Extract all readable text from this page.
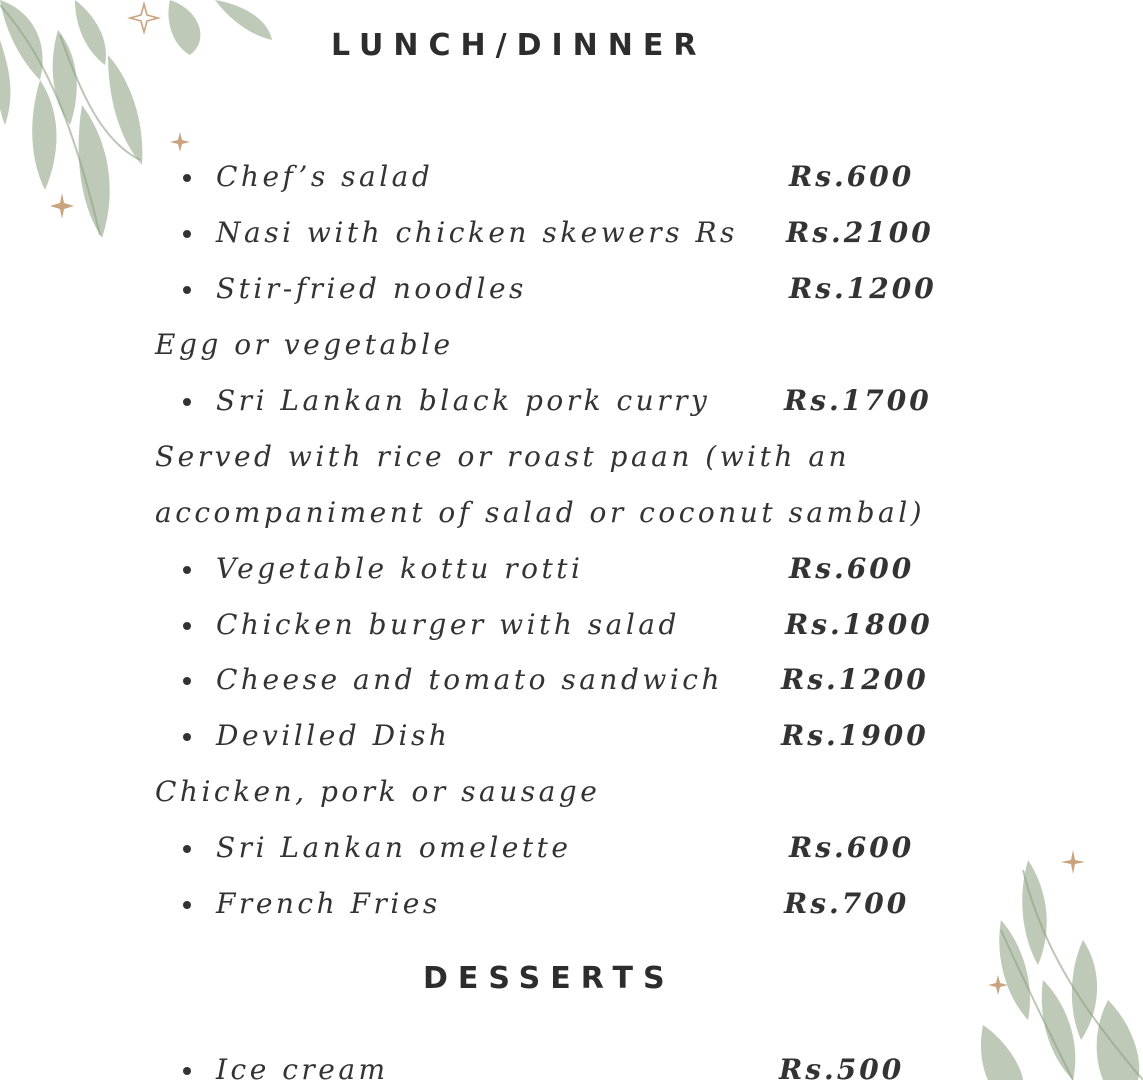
LUNCH/DINNER
Chef’s salad	Rs.600
Nasi with chicken skewers Rs Rs.2100
Stir-fried noodles	Rs.1200
Egg or vegetable
Sri Lankan black pork curry	Rs.1700
Served with rice or roast paan (with an
accompaniment of salad or coconut sambal)
Vegetable kottu rotti	Rs.600
Chicken burger with salad	Rs.1800
Cheese and tomato sandwich Rs.1200
Devilled Dish	Rs.1900
Chicken, pork or sausage
Sri Lankan omelette	Rs.600
French Fries	Rs.700
DESSERTS
Ice cream	Rs.500
